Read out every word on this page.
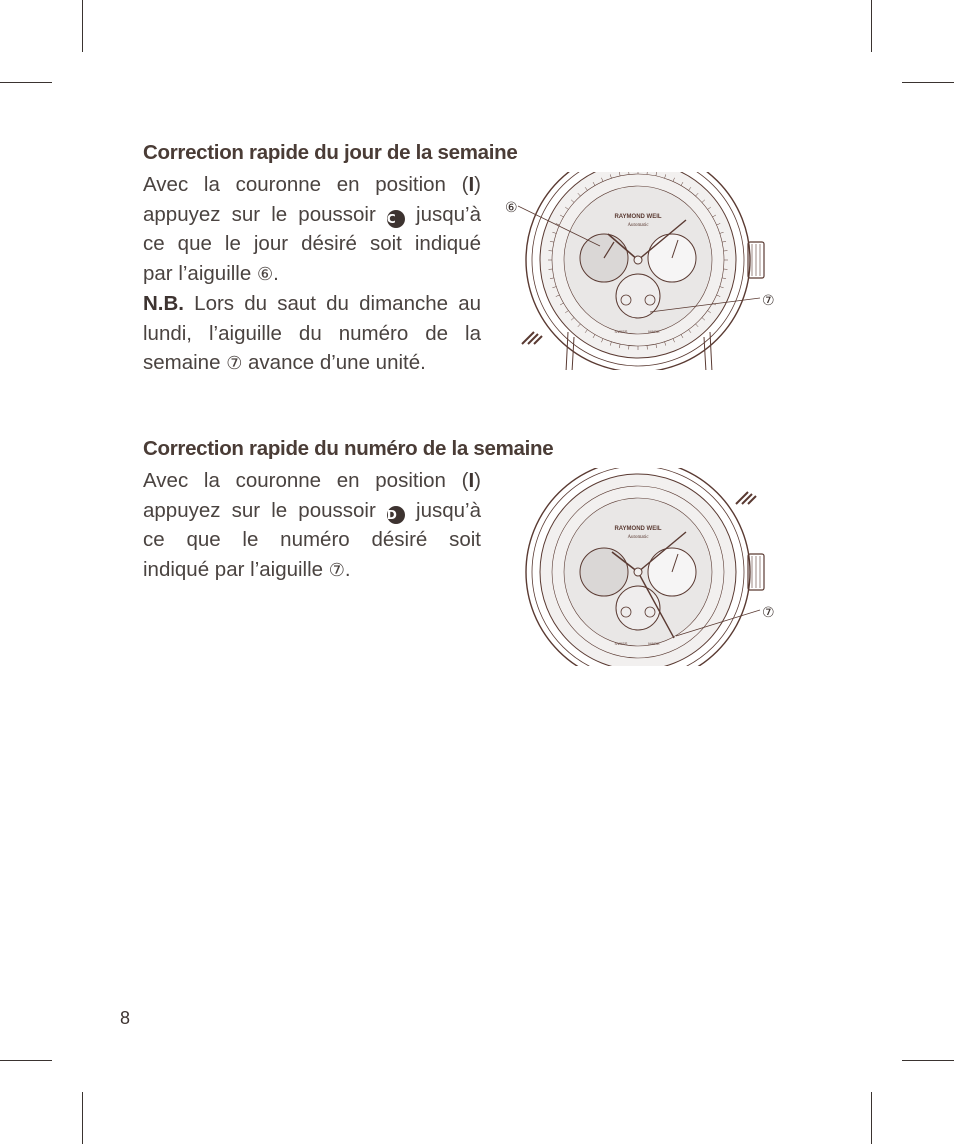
Correction rapide du jour de la semaine
Avec la couronne en position (I)
appuyez sur le poussoir C jusqu’à
ce que le jour désiré soit indiqué
par l’aiguille ⑥.
N.B. Lors du saut du dimanche au
lundi, l’aiguille du numéro de la
semaine ⑦ avance d’une unité.
Correction rapide du numéro de la semaine
Avec la couronne en position (I)
appuyez sur le poussoir D jusqu’à
ce que le numéro désiré soit
indiqué par l’aiguille ⑦.
RAYMOND WEIL
Automatic
SWISS	MADE
⑥
⑦
RAYMOND WEIL
Automatic
SWISS	MADE
⑦
8
